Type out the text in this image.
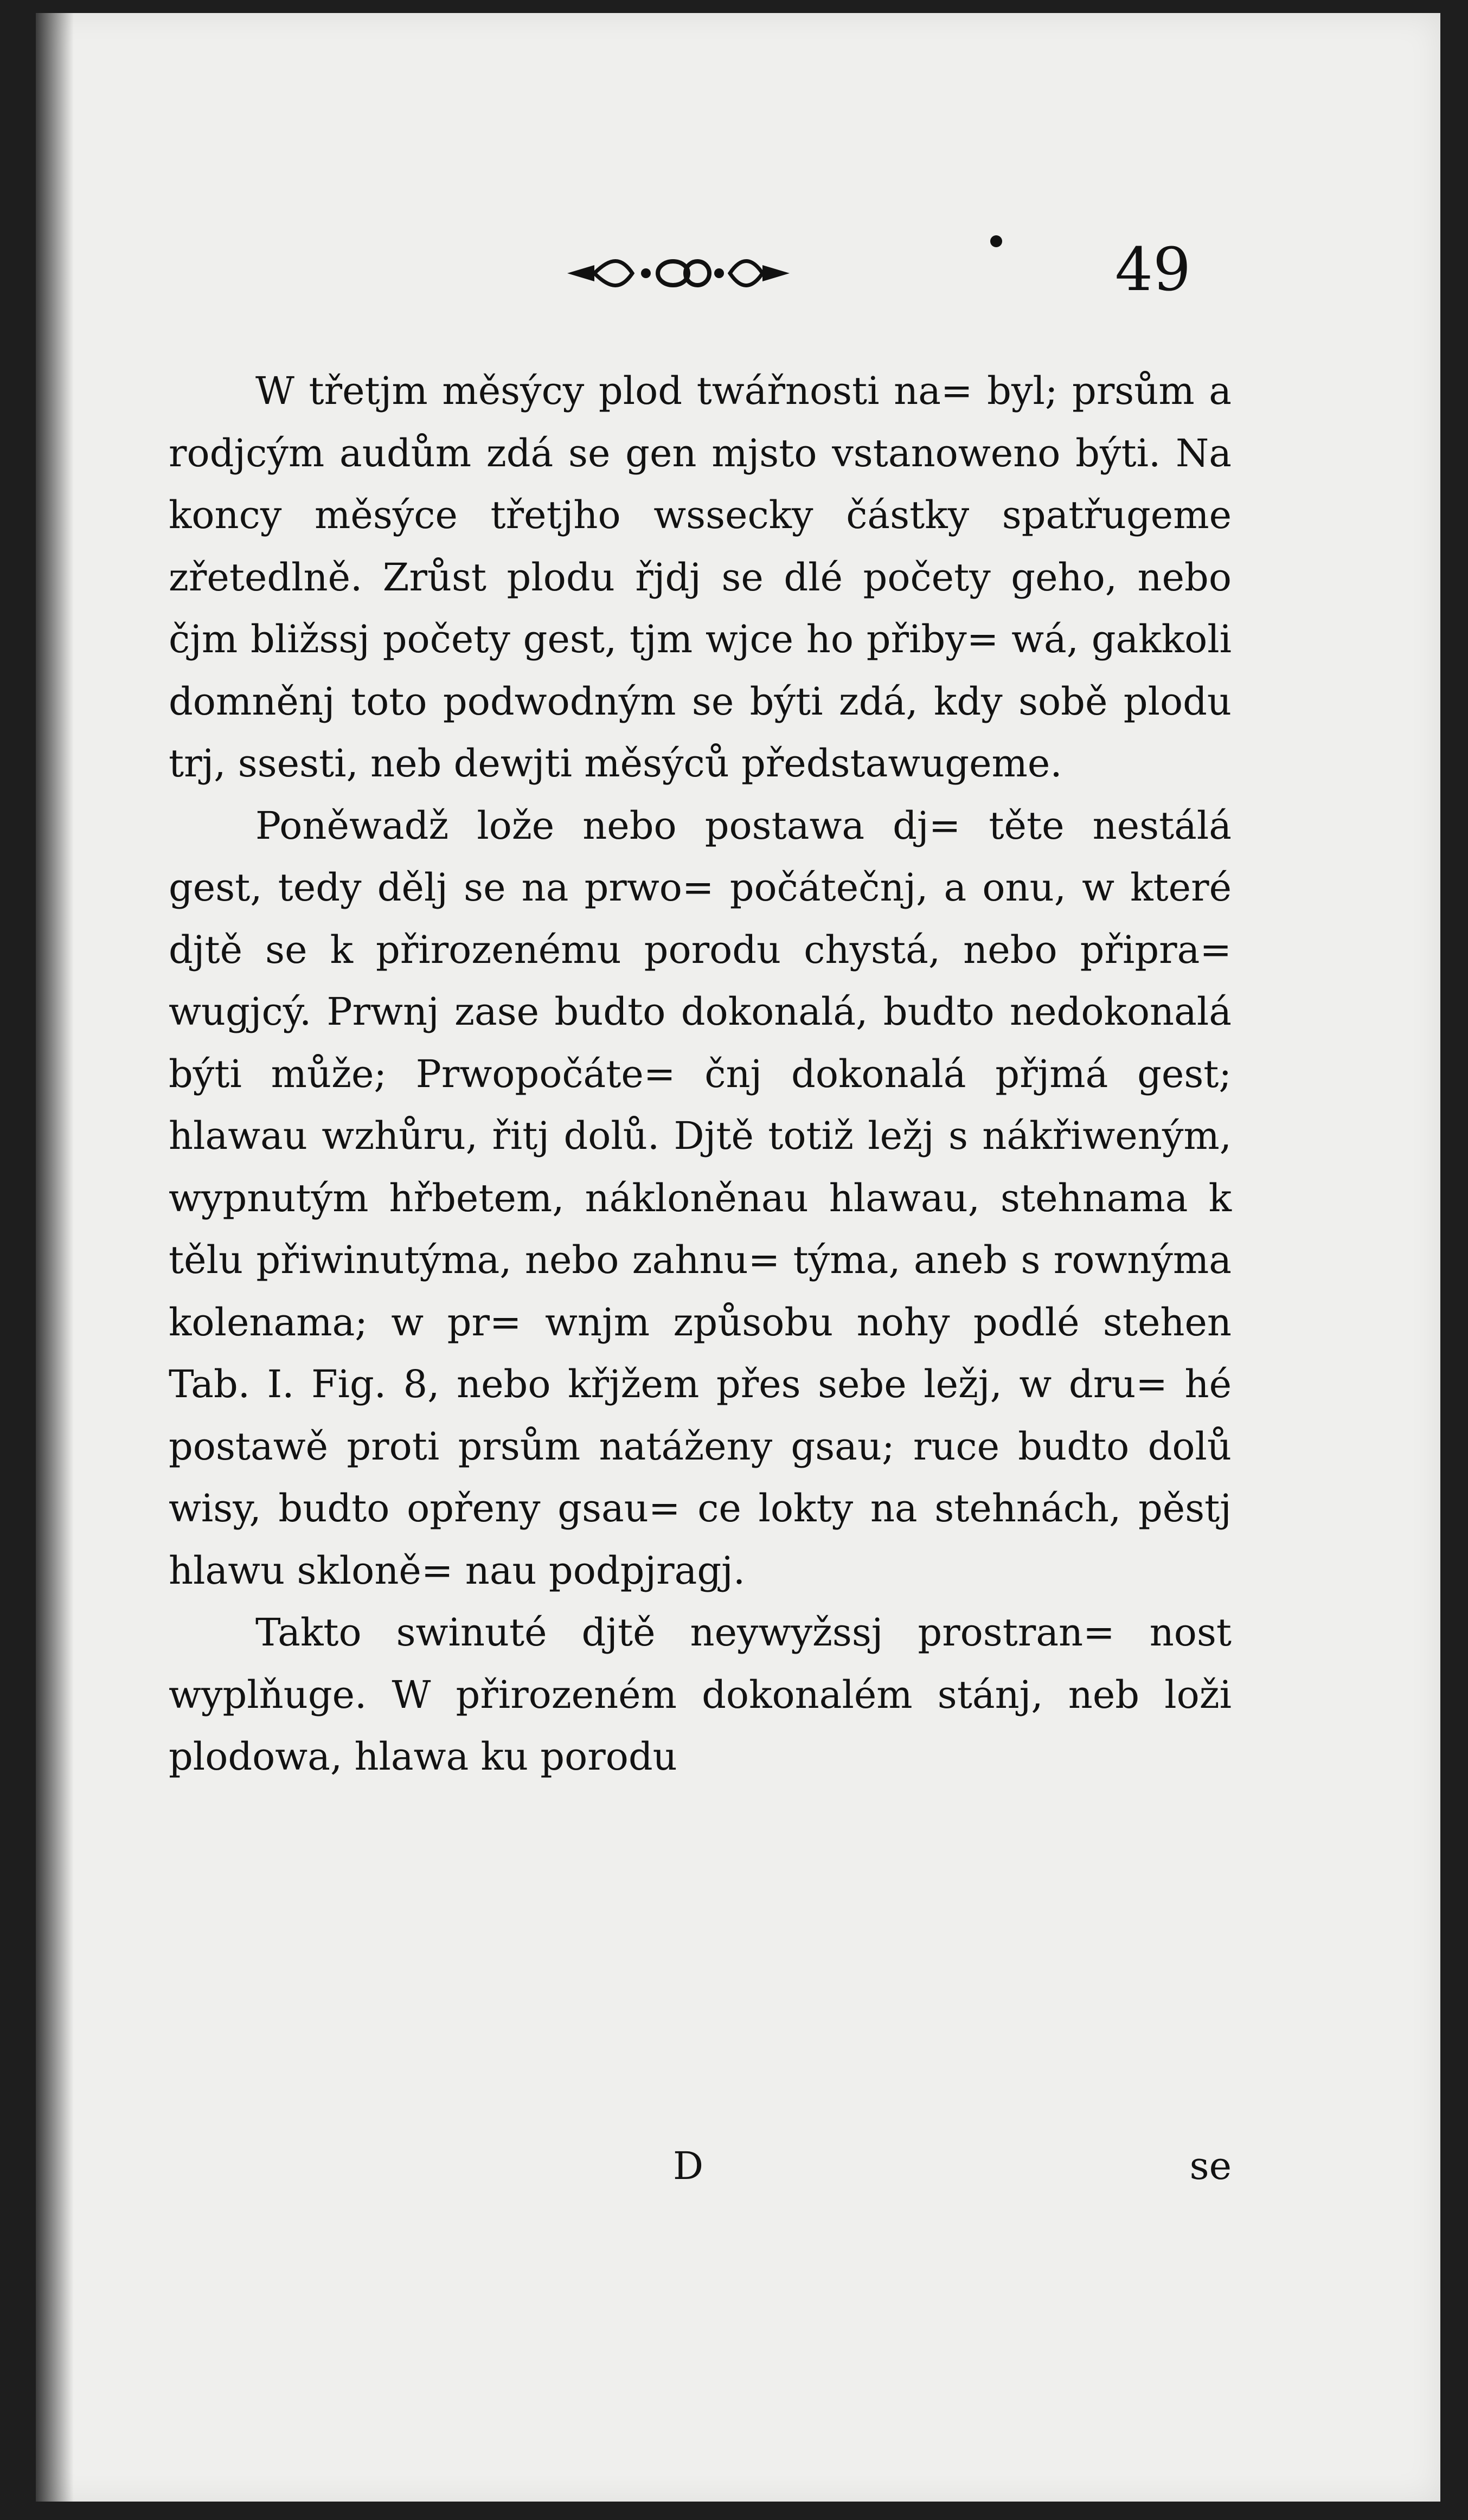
49

W třetjm měsýcy plod twářnosti na= byl; prsům a rodjcým audům zdá se gen mjsto vstanoweno býti. Na koncy měsýce třetjho wssecky částky spatřugeme zřetedlně. Zrůst plodu řjdj se dlé počety geho, nebo čjm bližssj počety gest, tjm wjce ho přiby= wá, gakkoli domněnj toto podwodným se býti zdá, kdy sobě plodu trj, ssesti, neb dewjti měsýců předstawugeme.

Poněwadž lože nebo postawa dj= těte nestálá gest, tedy dělj se na prwo= počátečnj, a onu, w které djtě se k přirozenému porodu chystá, nebo připra= wugjcý. Prwnj zase budto dokonalá, budto nedokonalá býti může; Prwopočáte= čnj dokonalá přjmá gest; hlawau wzhůru, řitj dolů. Djtě totiž ležj s nákřiweným, wypnutým hřbetem, nákloněnau hlawau, stehnama k tělu přiwinutýma, nebo zahnu= týma, aneb s rownýma kolenama; w pr= wnjm způsobu nohy podlé stehen Tab. I. Fig. 8, nebo křjžem přes sebe ležj, w dru= hé postawě proti prsům natáženy gsau; ruce budto dolů wisy, budto opřeny gsau= ce lokty na stehnách, pěstj hlawu skloně= nau podpjragj.

Takto swinuté djtě neywyžssj prostran= nost wyplňuge. W přirozeném dokonalém stánj, neb loži plodowa, hlawa ku porodu

D	se
